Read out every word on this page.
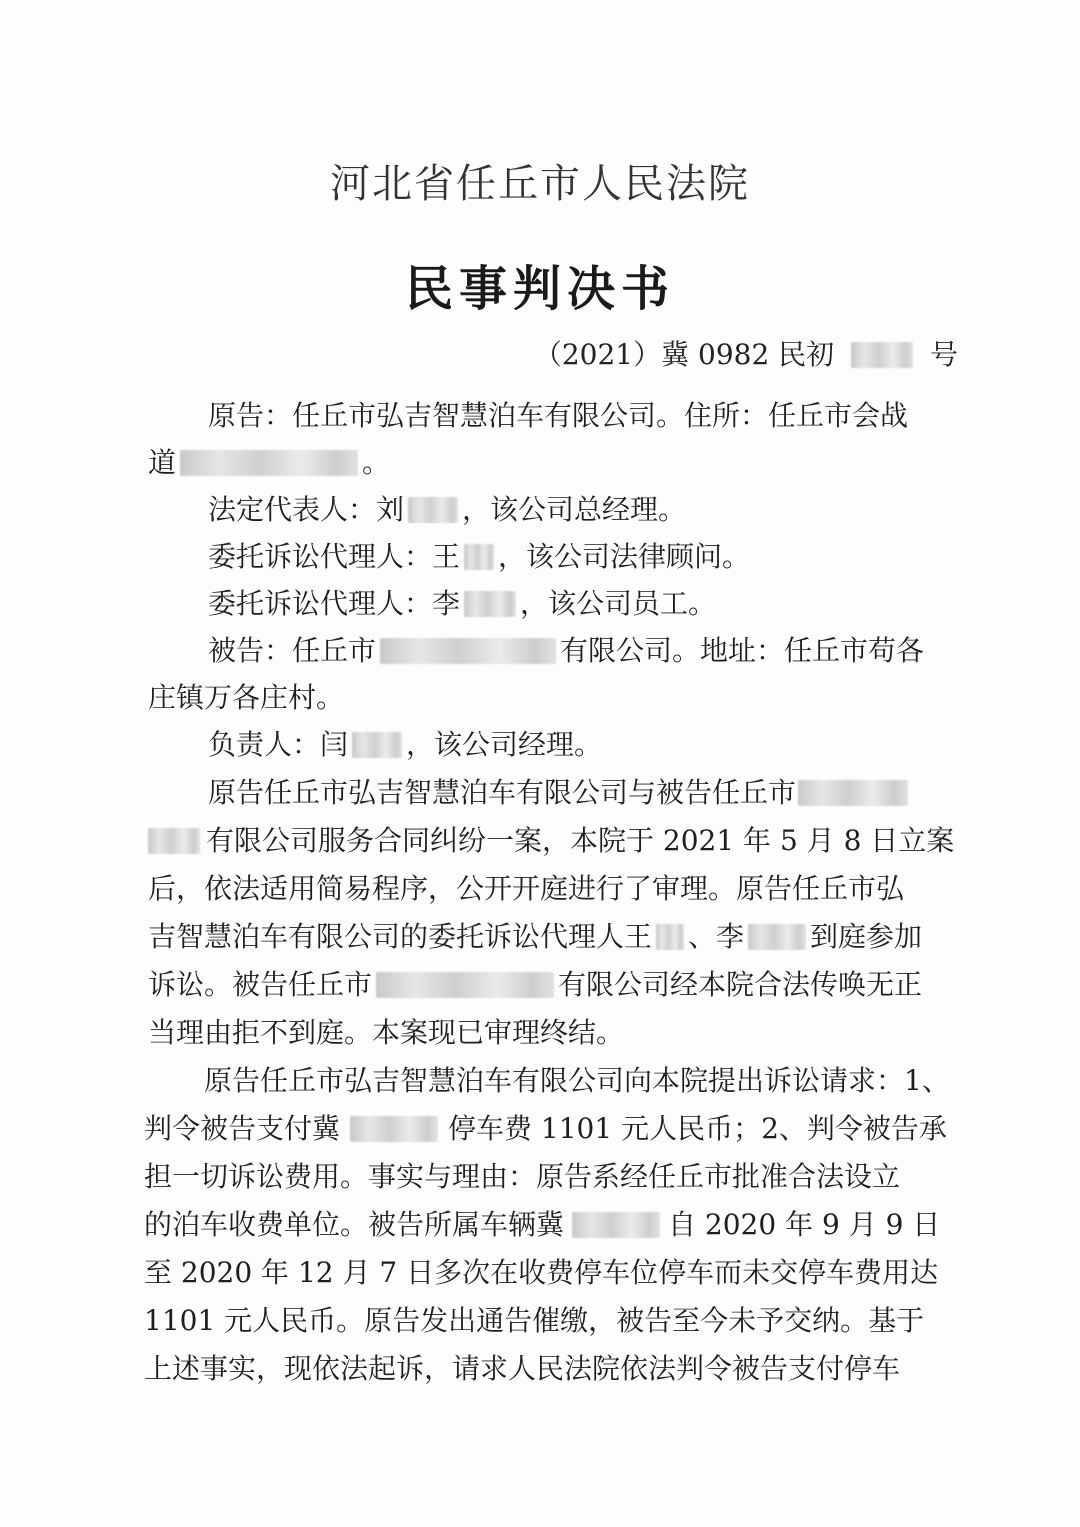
河北省任丘市人民法院
民事判决书
（2021）冀 0982 民初	号
原告：任丘市弘吉智慧泊车有限公司。住所：任丘市会战
道	。
法定代表人：刘 ，该公司总经理。
委托诉讼代理人：王 ，该公司法律顾问。
委托诉讼代理人：李 ，该公司员工。
被告：任丘市	有限公司。地址：任丘市苟各
庄镇万各庄村。
负责人：闫 ，该公司经理。
原告任丘市弘吉智慧泊车有限公司与被告任丘市
有限公司服务合同纠纷一案，本院于 2021 年 5 月 8 日立案
后，依法适用简易程序，公开开庭进行了审理。原告任丘市弘
吉智慧泊车有限公司的委托诉讼代理人王 、李 到庭参加
诉讼。被告任丘市	有限公司经本院合法传唤无正
当理由拒不到庭。本案现已审理终结。
原告任丘市弘吉智慧泊车有限公司向本院提出诉讼请求：1、
判令被告支付冀	停车费 1101 元人民币；2、判令被告承
担一切诉讼费用。事实与理由：原告系经任丘市批准合法设立
的泊车收费单位。被告所属车辆冀	自 2020 年 9 月 9 日
至 2020 年 12 月 7 日多次在收费停车位停车而未交停车费用达
1101 元人民币。原告发出通告催缴，被告至今未予交纳。基于
上述事实，现依法起诉，请求人民法院依法判令被告支付停车
